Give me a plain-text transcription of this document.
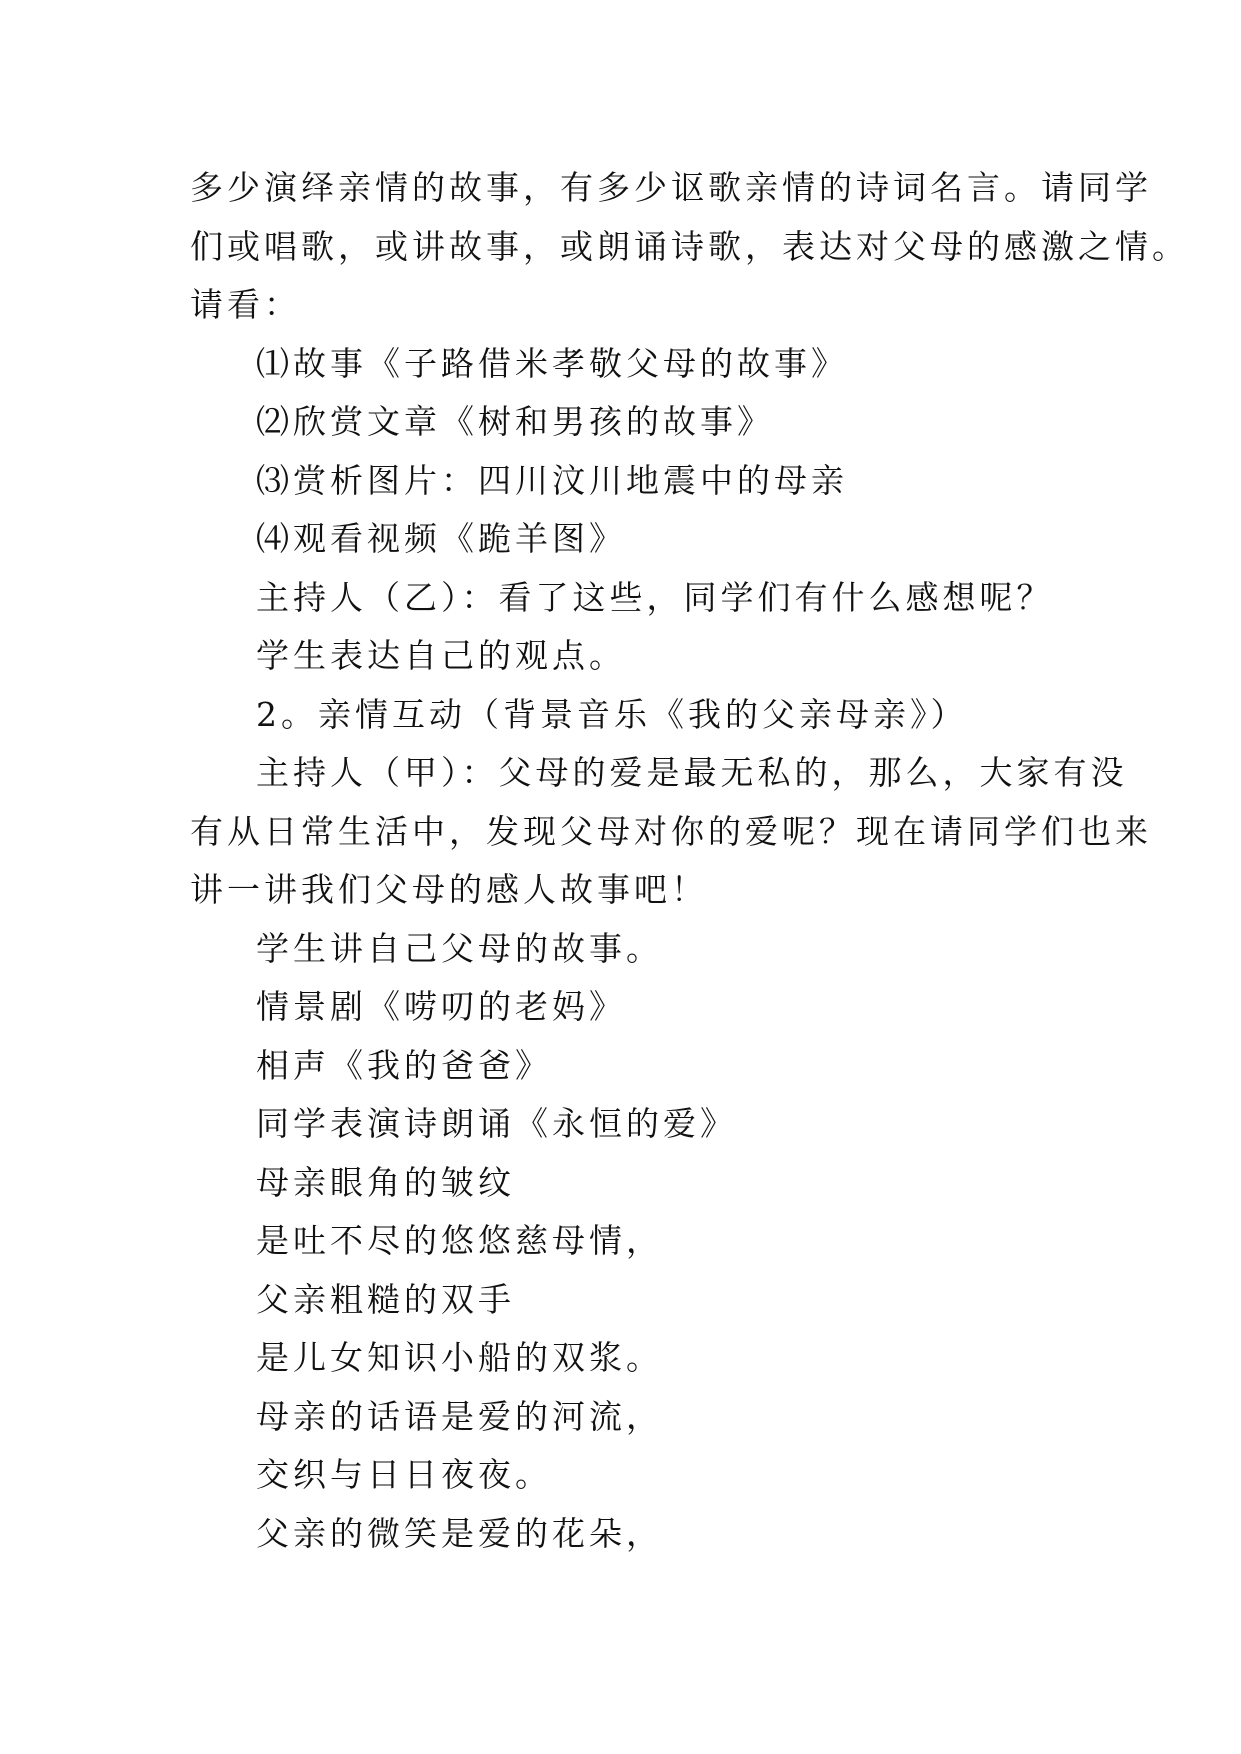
多少演绎亲情的故事，有多少讴歌亲情的诗词名言。请同学

们或唱歌，或讲故事，或朗诵诗歌，表达对父母的感激之情。

请看：

⑴故事《子路借米孝敬父母的故事》

⑵欣赏文章《树和男孩的故事》

⑶赏析图片：四川汶川地震中的母亲

⑷观看视频《跪羊图》

主持人（乙）：看了这些，同学们有什么感想呢？

学生表达自己的观点。

2。亲情互动（背景音乐《我的父亲母亲》）

主持人（甲）：父母的爱是最无私的，那么，大家有没

有从日常生活中，发现父母对你的爱呢？现在请同学们也来

讲一讲我们父母的感人故事吧！

学生讲自己父母的故事。

情景剧《唠叨的老妈》

相声《我的爸爸》

同学表演诗朗诵《永恒的爱》

母亲眼角的皱纹

是吐不尽的悠悠慈母情，

父亲粗糙的双手

是儿女知识小船的双浆。

母亲的话语是爱的河流，

交织与日日夜夜。

父亲的微笑是爱的花朵，
